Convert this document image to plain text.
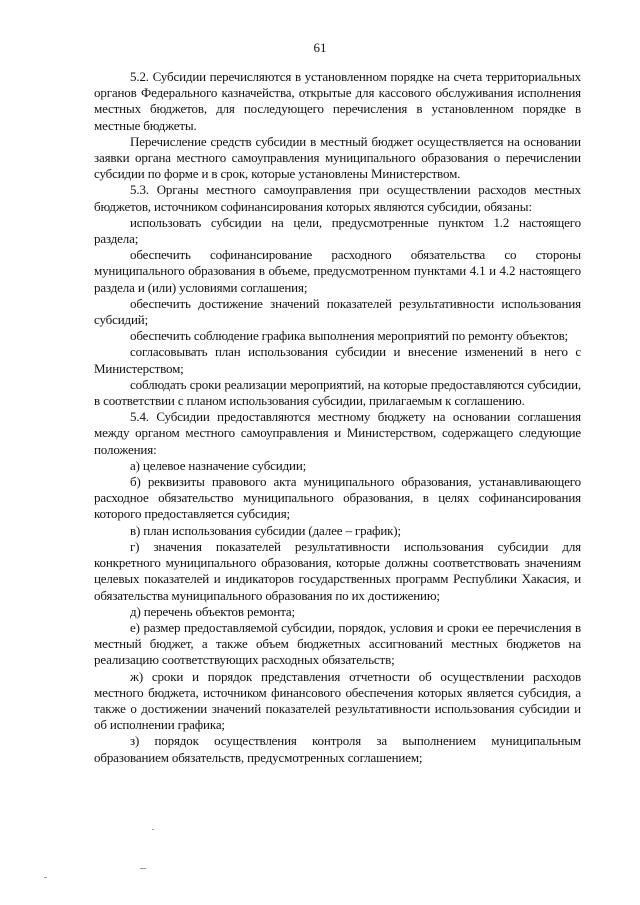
61

5.2. Субсидии перечисляются в установленном порядке на счета территориальных органов Федерального казначейства, открытые для кассового обслуживания исполнения местных бюджетов, для последующего перечисления в установленном порядке в местные бюджеты.

Перечисление средств субсидии в местный бюджет осуществляется на основании заявки органа местного самоуправления муниципального образования о перечислении субсидии по форме и в срок, которые установлены Министерством.

5.3. Органы местного самоуправления при осуществлении расходов местных бюджетов, источником софинансирования которых являются субсидии, обязаны:

использовать субсидии на цели, предусмотренные пунктом 1.2 настоящего раздела;

обеспечить софинансирование расходного обязательства со стороны муниципального образования в объеме, предусмотренном пунктами 4.1 и 4.2 настоящего раздела и (или) условиями соглашения;

обеспечить достижение значений показателей результативности использования субсидий;

обеспечить соблюдение графика выполнения мероприятий по ремонту объектов;

согласовывать план использования субсидии и внесение изменений в него с Министерством;

соблюдать сроки реализации мероприятий, на которые предоставляются субсидии, в соответствии с планом использования субсидии, прилагаемым к соглашению.

5.4. Субсидии предоставляются местному бюджету на основании соглашения между органом местного самоуправления и Министерством, содержащего следующие положения:

а) целевое назначение субсидии;

б) реквизиты правового акта муниципального образования, устанавливающего расходное обязательство муниципального образования, в целях софинансирования которого предоставляется субсидия;

в) план использования субсидии (далее – график);

г) значения показателей результативности использования субсидии для конкретного муниципального образования, которые должны соответствовать значениям целевых показателей и индикаторов государственных программ Республики Хакасия, и обязательства муниципального образования по их достижению;

д) перечень объектов ремонта;

е) размер предоставляемой субсидии, порядок, условия и сроки ее перечисления в местный бюджет, а также объем бюджетных ассигнований местных бюджетов на реализацию соответствующих расходных обязательств;

ж) сроки и порядок представления отчетности об осуществлении расходов местного бюджета, источником финансового обеспечения которых является субсидия, а также о достижении значений показателей результативности использования субсидии и об исполнении графика;

з) порядок осуществления контроля за выполнением муниципальным образованием обязательств, предусмотренных соглашением;
